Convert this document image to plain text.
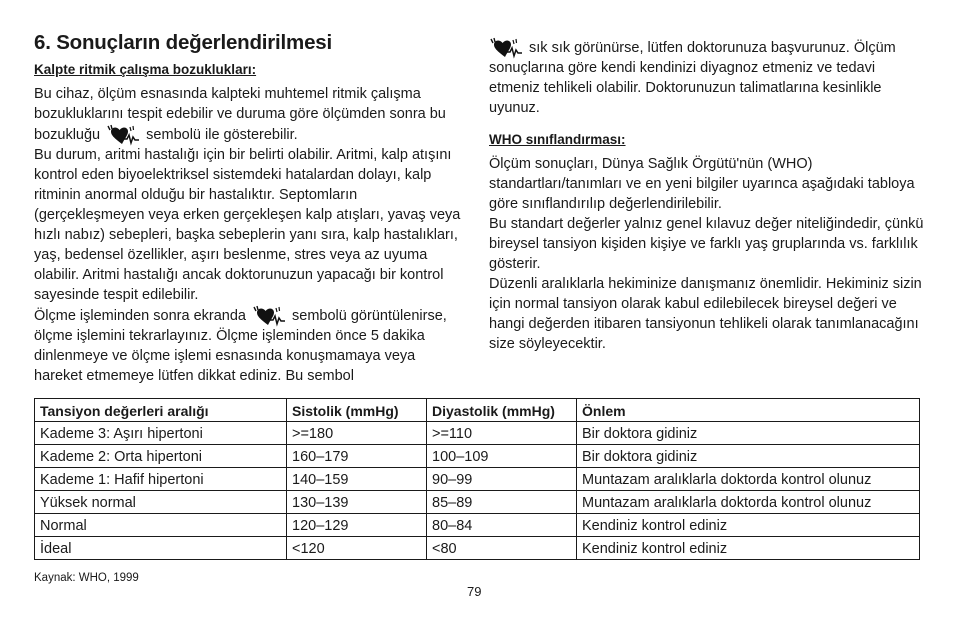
6. Sonuçların değerlendirilmesi
Kalpte ritmik çalışma bozuklukları:

Bu cihaz, ölçüm esnasında kalpteki muhtemel ritmik çalışma bozukluklarını tespit edebilir ve duruma göre ölçümden sonra bu bozukluğu	sembolü ile gösterebilir.

Bu durum, aritmi hastalığı için bir belirti olabilir. Aritmi, kalp atışını kontrol eden biyoelektriksel sistemdeki hatalardan dolayı, kalp ritminin anormal olduğu bir hastalıktır. Septomların (gerçekleşmeyen veya erken gerçekleşen kalp atışları, yavaş veya hızlı nabız) sebepleri, başka sebeplerin yanı sıra, kalp hastalıkları, yaş, bedensel özellikler, aşırı beslenme, stres veya az uyuma olabilir. Aritmi hastalığı ancak doktorunuzun yapacağı bir kontrol sayesinde tespit edilebilir.

Ölçme işleminden sonra ekranda	sembolü görüntülenirse, ölçme işlemini tekrarlayınız. Ölçme işleminden önce 5 dakika dinlenmeye ve ölçme işlemi esnasında konuşmamaya veya hareket etmemeye lütfen dikkat ediniz. Bu sembol

sık sık görünürse, lütfen doktorunuza başvurunuz. Ölçüm sonuçlarına göre kendi kendinizi diyagnoz etmeniz ve tedavi etmeniz tehlikeli olabilir. Doktorunuzun talimatlarına kesinlikle uyunuz.

WHO sınıflandırması:

Ölçüm sonuçları, Dünya Sağlık Örgütü'nün (WHO) standartları/tanımları ve en yeni bilgiler uyarınca aşağıdaki tabloya göre sınıflandırılıp değerlendirilebilir.

Bu standart değerler yalnız genel kılavuz değer niteliğindedir, çünkü bireysel tansiyon kişiden kişiye ve farklı yaş gruplarında vs. farklılık gösterir.

Düzenli aralıklarla hekiminize danışmanız önemlidir. Hekiminiz sizin için normal tansiyon olarak kabul edilebilecek bireysel değeri ve hangi değerden itibaren tansiyonun tehlikeli olarak tanımlanacağını size söyleyecektir.

Tansiyon değerleri aralığı	Sistolik (mmHg)	Diyastolik (mmHg)	Önlem
Kademe 3: Aşırı hipertoni	>=180	>=110	Bir doktora gidiniz
Kademe 2: Orta hipertoni	160–179	100–109	Bir doktora gidiniz
Kademe 1: Hafif hipertoni	140–159	90–99	Muntazam aralıklarla doktorda kontrol olunuz
Yüksek normal	130–139	85–89	Muntazam aralıklarla doktorda kontrol olunuz
Normal	120–129	80–84	Kendiniz kontrol ediniz
İdeal	<120	<80	Kendiniz kontrol ediniz
Kaynak: WHO, 1999
79
